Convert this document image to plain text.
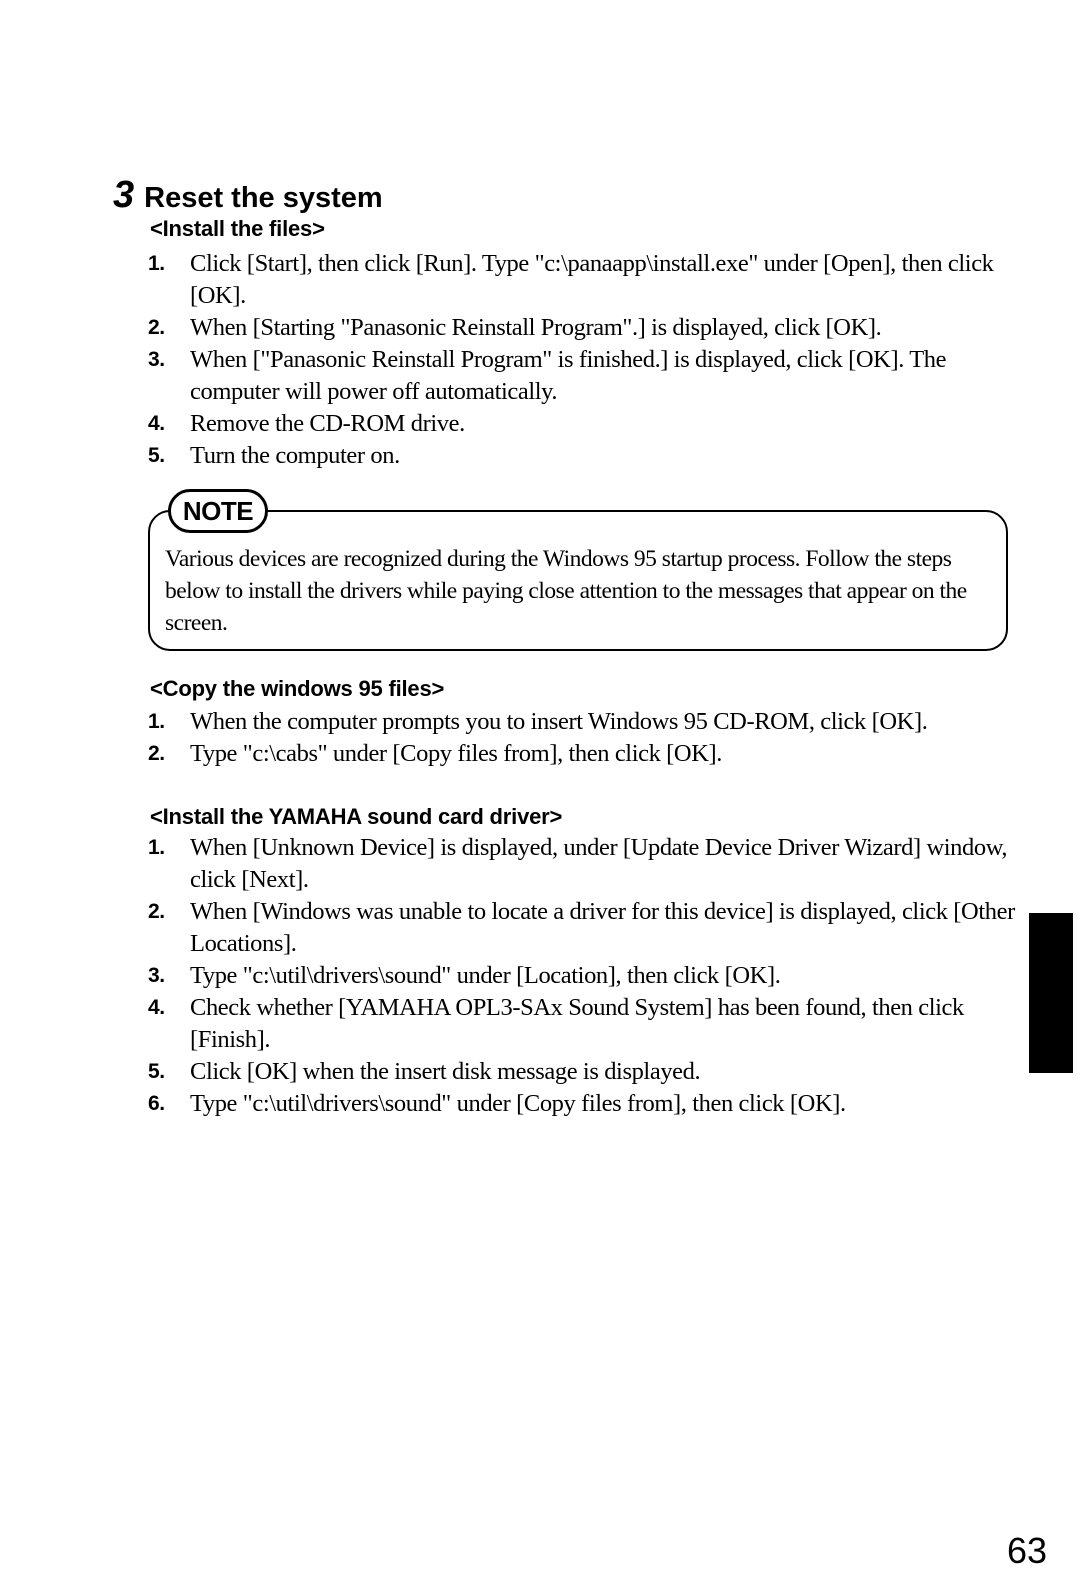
3 Reset the system
<Install the files>
1. Click [Start], then click [Run]. Type "c:\panaapp\install.exe" under [Open], then click [OK].
2. When [Starting "Panasonic Reinstall Program".] is displayed, click [OK].
3. When ["Panasonic Reinstall Program" is finished.] is displayed, click [OK]. The computer will power off automatically.
4. Remove the CD-ROM drive.
5. Turn the computer on.
NOTE
Various devices are recognized during the Windows 95 startup process. Follow the steps below to install the drivers while paying close attention to the messages that appear on the screen.
<Copy the windows 95 files>
1. When the computer prompts you to insert Windows 95 CD-ROM, click [OK].
2. Type "c:\cabs" under [Copy files from], then click [OK].
<Install the YAMAHA sound card driver>
1. When [Unknown Device] is displayed, under [Update Device Driver Wizard] window, click [Next].
2. When [Windows was unable to locate a driver for this device] is displayed, click [Other Locations].
3. Type "c:\util\drivers\sound" under [Location], then click [OK].
4. Check whether [YAMAHA OPL3-SAx Sound System] has been found, then click [Finish].
5. Click [OK] when the insert disk message is displayed.
6. Type "c:\util\drivers\sound" under [Copy files from], then click [OK].
63
